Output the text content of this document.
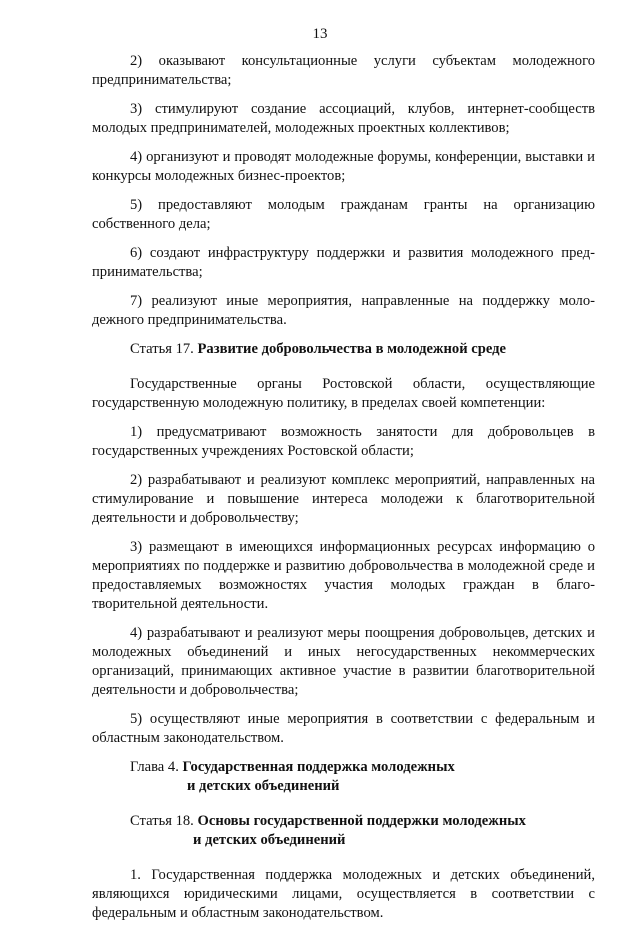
13

2) оказывают консультационные услуги субъектам молодежного предпринимательства;

3) стимулируют создание ассоциаций, клубов, интернет-сообществ молодых предпринимателей, молодежных проектных коллективов;

4) организуют и проводят молодежные форумы, конференции, выставки и конкурсы молодежных бизнес-проектов;

5) предоставляют молодым гражданам гранты на организацию собственного дела;

6) создают инфраструктуру поддержки и развития молодежного пред-принимательства;

7) реализуют иные мероприятия, направленные на поддержку моло-дежного предпринимательства.

Статья 17. Развитие добровольчества в молодежной среде

Государственные органы Ростовской области, осуществляющие государственную молодежную политику, в пределах своей компетенции:

1) предусматривают возможность занятости для добровольцев в государственных учреждениях Ростовской области;

2) разрабатывают и реализуют комплекс мероприятий, направленных на стимулирование и повышение интереса молодежи к благотворительной деятельности и добровольчеству;

3) размещают в имеющихся информационных ресурсах информацию о мероприятиях по поддержке и развитию добровольчества в молодежной среде и предоставляемых возможностях участия молодых граждан в благо-творительной деятельности.

4) разрабатывают и реализуют меры поощрения добровольцев, детских и молодежных объединений и иных негосударственных некоммерческих организаций, принимающих активное участие в развитии благотворительной деятельности и добровольчества;

5) осуществляют иные мероприятия в соответствии с федеральным и областным законодательством.

Глава 4. Государственная поддержка молодежных
и детских объединений

Статья 18. Основы государственной поддержки молодежных
и детских объединений

1. Государственная поддержка молодежных и детских объединений, являющихся юридическими лицами, осуществляется в соответствии с федеральным и областным законодательством.
